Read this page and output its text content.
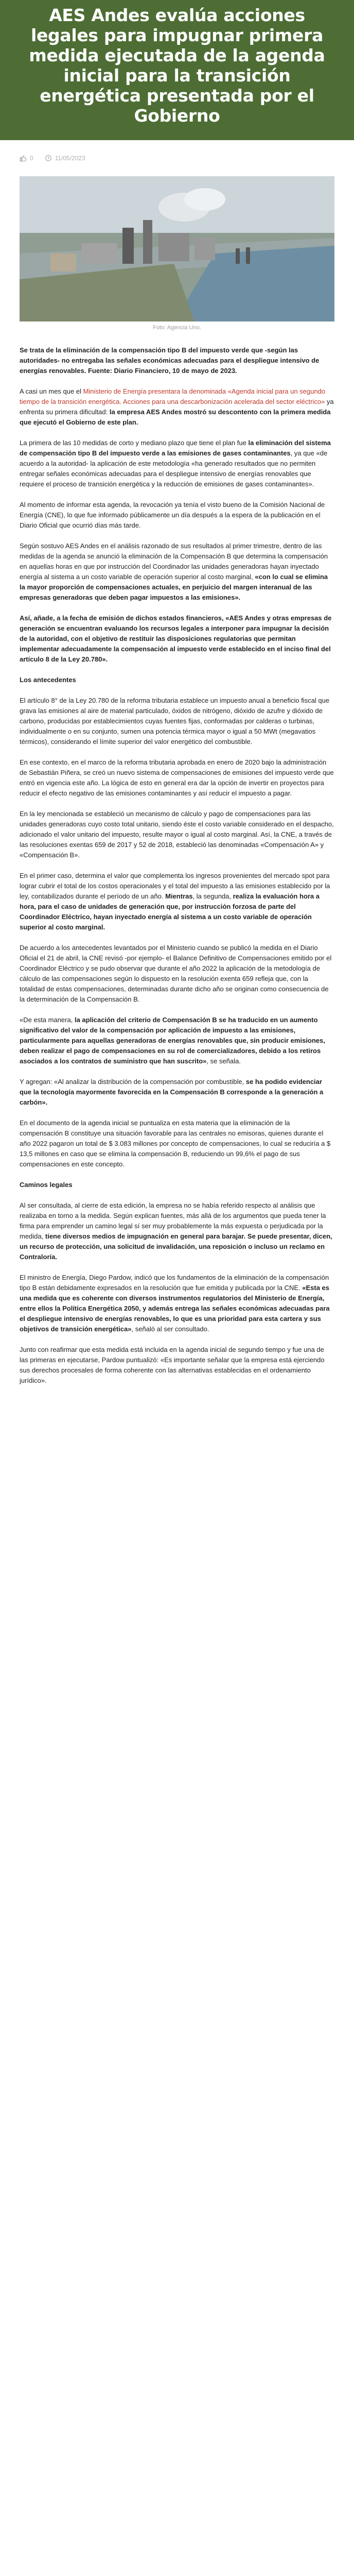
AES Andes evalúa acciones legales para impugnar primera medida ejecutada de la agenda inicial para la transición energética presentada por el Gobierno
0	11/05/2023
Foto: Agencia Uno.

Se trata de la eliminación de la compensación tipo B del impuesto verde que -según las autoridades- no entregaba las señales económicas adecuadas para el despliegue intensivo de energías renovables. Fuente: Diario Financiero, 10 de mayo de 2023.

A casi un mes que el Ministerio de Energía presentara la denominada «Agenda inicial para un segundo tiempo de la transición energética. Acciones para una descarbonización acelerada del sector eléctrico» ya enfrenta su primera dificultad: la empresa AES Andes mostró su descontento con la primera medida que ejecutó el Gobierno de este plan.

La primera de las 10 medidas de corto y mediano plazo que tiene el plan fue la eliminación del sistema de compensación tipo B del impuesto verde a las emisiones de gases contaminantes, ya que «de acuerdo a la autoridad- la aplicación de este metodología «ha generado resultados que no permiten entregar señales económicas adecuadas para el despliegue intensivo de energías renovables que requiere el proceso de transición energética y la reducción de emisiones de gases contaminantes».

Al momento de informar esta agenda, la revocación ya tenía el visto bueno de la Comisión Nacional de Energía (CNE), lo que fue informado públicamente un día después a la espera de la publicación en el Diario Oficial que ocurrió días más tarde.

Según sostuvo AES Andes en el análisis razonado de sus resultados al primer trimestre, dentro de las medidas de la agenda se anunció la eliminación de la Compensación B que determina la compensación en aquellas horas en que por instrucción del Coordinador las unidades generadoras hayan inyectado energía al sistema a un costo variable de operación superior al costo marginal, «con lo cual se elimina la mayor proporción de compensaciones actuales, en perjuicio del margen interanual de las empresas generadoras que deben pagar impuestos a las emisiones».

Así, añade, a la fecha de emisión de dichos estados financieros, «AES Andes y otras empresas de generación se encuentran evaluando los recursos legales a interponer para impugnar la decisión de la autoridad, con el objetivo de restituir las disposiciones regulatorias que permitan implementar adecuadamente la compensación al impuesto verde establecido en el inciso final del artículo 8 de la Ley 20.780».

Los antecedentes

El artículo 8° de la Ley 20.780 de la reforma tributaria establece un impuesto anual a beneficio fiscal que grava las emisiones al aire de material particulado, óxidos de nitrógeno, dióxido de azufre y dióxido de carbono, producidas por establecimientos cuyas fuentes fijas, conformadas por calderas o turbinas, individualmente o en su conjunto, sumen una potencia térmica mayor o igual a 50 MWt (megavatios térmicos), considerando el límite superior del valor energético del combustible.

En ese contexto, en el marco de la reforma tributaria aprobada en enero de 2020 bajo la administración de Sebastián Piñera, se creó un nuevo sistema de compensaciones de emisiones del impuesto verde que entró en vigencia este año. La lógica de esto en general era dar la opción de invertir en proyectos para reducir el efecto negativo de las emisiones contaminantes y así reducir el impuesto a pagar.

En la ley mencionada se estableció un mecanismo de cálculo y pago de compensaciones para las unidades generadoras cuyo costo total unitario, siendo éste el costo variable considerado en el despacho, adicionado el valor unitario del impuesto, resulte mayor o igual al costo marginal. Así, la CNE, a través de las resoluciones exentas 659 de 2017 y 52 de 2018, estableció las denominadas «Compensación A» y «Compensación B».

En el primer caso, determina el valor que complementa los ingresos provenientes del mercado spot para lograr cubrir el total de los costos operacionales y el total del impuesto a las emisiones establecido por la ley, contabilizados durante el período de un año. Mientras, la segunda, realiza la evaluación hora a hora, para el caso de unidades de generación que, por instrucción forzosa de parte del Coordinador Eléctrico, hayan inyectado energía al sistema a un costo variable de operación superior al costo marginal.

De acuerdo a los antecedentes levantados por el Ministerio cuando se publicó la medida en el Diario Oficial el 21 de abril, la CNE revisó -por ejemplo- el Balance Definitivo de Compensaciones emitido por el Coordinador Eléctrico y se pudo observar que durante el año 2022 la aplicación de la metodología de cálculo de las compensaciones según lo dispuesto en la resolución exenta 659 refleja que, con la totalidad de estas compensaciones, determinadas durante dicho año se originan como consecuencia de la determinación de la Compensación B.

«De esta manera, la aplicación del criterio de Compensación B se ha traducido en un aumento significativo del valor de la compensación por aplicación de impuesto a las emisiones, particularmente para aquellas generadoras de energías renovables que, sin producir emisiones, deben realizar el pago de compensaciones en su rol de comercializadores, debido a los retiros asociados a los contratos de suministro que han suscrito», se señala.

Y agregan: «Al analizar la distribución de la compensación por combustible, se ha podido evidenciar que la tecnología mayormente favorecida en la Compensación B corresponde a la generación a carbón».

En el documento de la agenda inicial se puntualiza en esta materia que la eliminación de la compensación B constituye una situación favorable para las centrales no emisoras, quienes durante el año 2022 pagaron un total de $ 3.083 millones por concepto de compensaciones, lo cual se reduciría a $ 13,5 millones en caso que se elimina la compensación B, reduciendo un 99,6% el pago de sus compensaciones en este concepto.

Caminos legales

Al ser consultada, al cierre de esta edición, la empresa no se había referido respecto al análisis que realizaba en torno a la medida. Según explican fuentes, más allá de los argumentos que pueda tener la firma para emprender un camino legal sí ser muy probablemente la más expuesta o perjudicada por la medida, tiene diversos medios de impugnación en general para barajar. Se puede presentar, dicen, un recurso de protección, una solicitud de invalidación, una reposición o incluso un reclamo en Contraloría.

El ministro de Energía, Diego Pardow, indicó que los fundamentos de la eliminación de la compensación tipo B están debidamente expresados en la resolución que fue emitida y publicada por la CNE. «Esta es una medida que es coherente con diversos instrumentos regulatorios del Ministerio de Energía, entre ellos la Política Energética 2050, y además entrega las señales económicas adecuadas para el despliegue intensivo de energías renovables, lo que es una prioridad para esta cartera y sus objetivos de transición energética», señaló al ser consultado.

Junto con reafirmar que esta medida está incluida en la agenda inicial de segundo tiempo y fue una de las primeras en ejecutarse, Pardow puntualizó: «Es importante señalar que la empresa está ejerciendo sus derechos procesales de forma coherente con las alternativas establecidas en el ordenamiento jurídico».
